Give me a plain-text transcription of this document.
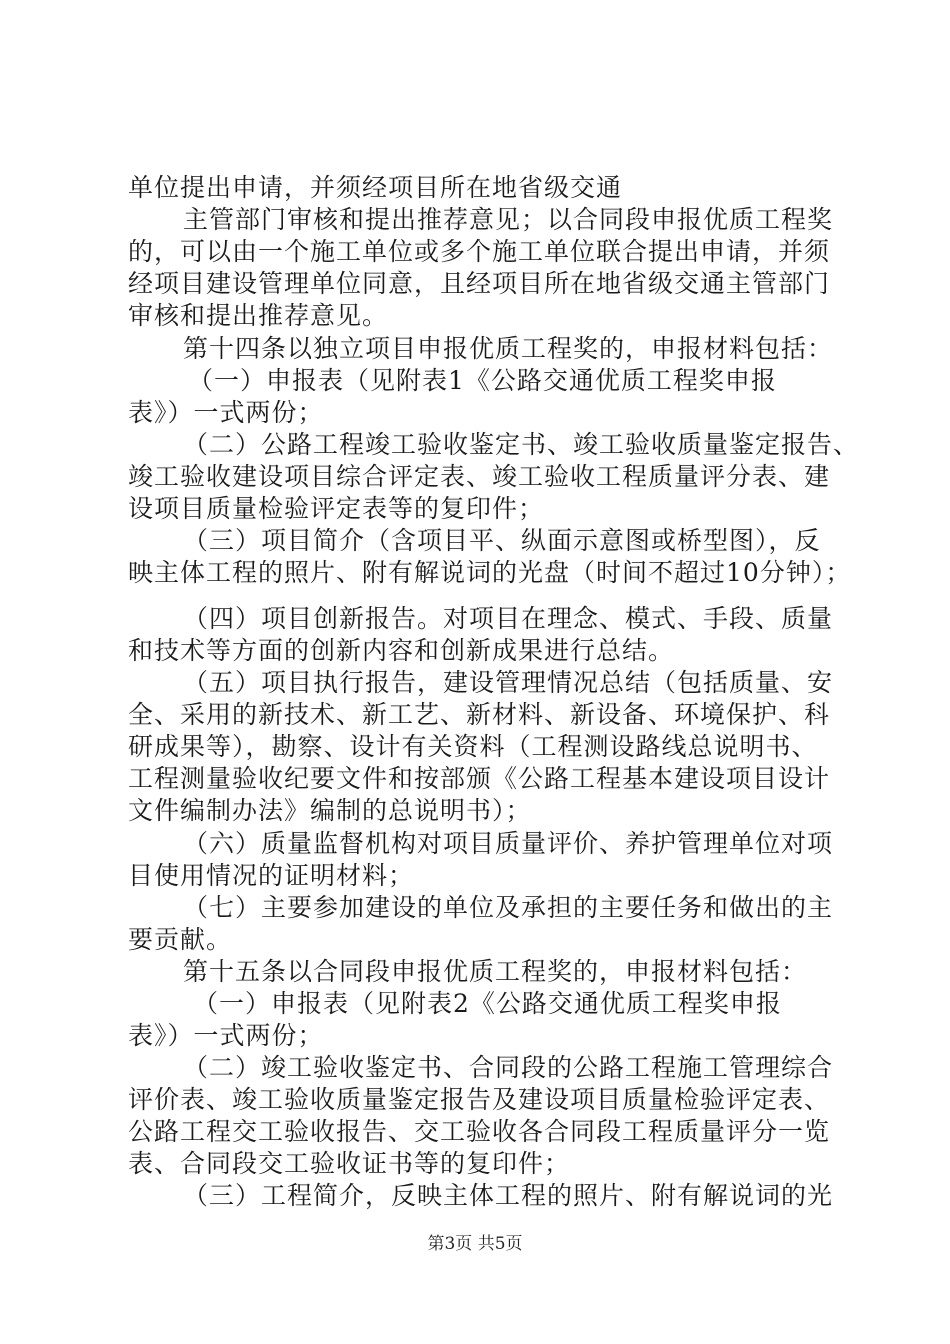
单位提出申请，并须经项目所在地省级交通
主管部门审核和提出推荐意见；以合同段申报优质工程奖
的，可以由一个施工单位或多个施工单位联合提出申请，并须
经项目建设管理单位同意，且经项目所在地省级交通主管部门
审核和提出推荐意见。
第十四条以独立项目申报优质工程奖的，申报材料包括：
（一）申报表（见附表1《公路交通优质工程奖申报
表》）一式两份；
（二）公路工程竣工验收鉴定书、竣工验收质量鉴定报告、
竣工验收建设项目综合评定表、竣工验收工程质量评分表、建
设项目质量检验评定表等的复印件；
（三）项目简介（含项目平、纵面示意图或桥型图），反
映主体工程的照片、附有解说词的光盘（时间不超过10分钟）；
（四）项目创新报告。对项目在理念、模式、手段、质量
和技术等方面的创新内容和创新成果进行总结。
（五）项目执行报告，建设管理情况总结（包括质量、安
全、采用的新技术、新工艺、新材料、新设备、环境保护、科
研成果等），勘察、设计有关资料（工程测设路线总说明书、
工程测量验收纪要文件和按部颁《公路工程基本建设项目设计
文件编制办法》编制的总说明书）；
（六）质量监督机构对项目质量评价、养护管理单位对项
目使用情况的证明材料；
（七）主要参加建设的单位及承担的主要任务和做出的主
要贡献。
第十五条以合同段申报优质工程奖的，申报材料包括：
（一）申报表（见附表2《公路交通优质工程奖申报
表》）一式两份；
（二）竣工验收鉴定书、合同段的公路工程施工管理综合
评价表、竣工验收质量鉴定报告及建设项目质量检验评定表、
公路工程交工验收报告、交工验收各合同段工程质量评分一览
表、合同段交工验收证书等的复印件；
（三）工程简介，反映主体工程的照片、附有解说词的光
第3页 共5页
